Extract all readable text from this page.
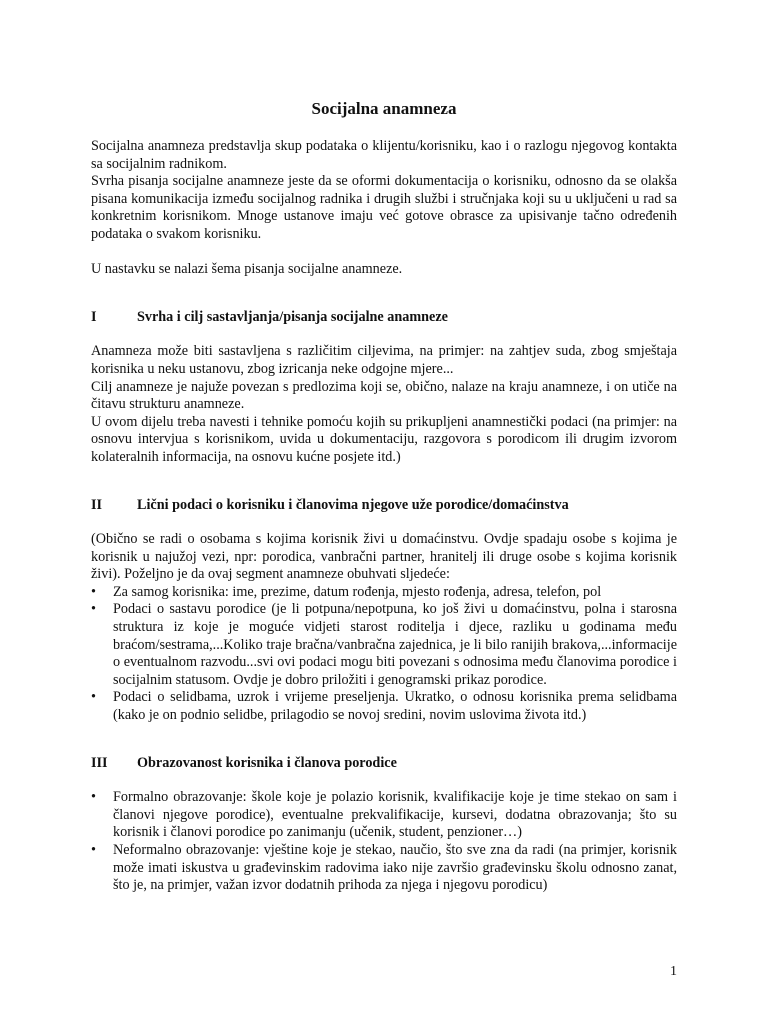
Socijalna anamneza

Socijalna anamneza predstavlja skup podataka o klijentu/korisniku, kao i o razlogu njegovog kontakta sa socijalnim radnikom.

Svrha pisanja socijalne anamneze jeste da se oformi dokumentacija o korisniku, odnosno da se olakša pisana komunikacija između socijalnog radnika i drugih službi i stručnjaka koji su u uključeni u rad sa konkretnim korisnikom. Mnoge ustanove imaju već gotove obrasce za upisivanje tačno određenih podataka o svakom korisniku.

U nastavku se nalazi šema pisanja socijalne anamneze.

I	Svrha i cilj sastavljanja/pisanja socijalne anamneze

Anamneza može biti sastavljena s različitim ciljevima, na primjer: na zahtjev suda, zbog smještaja korisnika u neku ustanovu, zbog izricanja neke odgojne mjere...

Cilj anamneze je najuže povezan s predlozima koji se, obično, nalaze na kraju anamneze, i on utiče na čitavu strukturu anamneze.

U ovom dijelu treba navesti i tehnike pomoću kojih su prikupljeni anamnestički podaci (na primjer: na osnovu intervjua s korisnikom, uvida u dokumentaciju, razgovora s porodicom ili drugim izvorom kolateralnih informacija, na osnovu kućne posjete itd.)

II	Lični podaci o korisniku i članovima njegove uže porodice/domaćinstva

(Obično se radi o osobama s kojima korisnik živi u domaćinstvu. Ovdje spadaju osobe s kojima je korisnik u najužoj vezi, npr: porodica, vanbračni partner, hranitelj ili druge osobe s kojima korisnik živi). Poželjno je da ovaj segment anamneze obuhvati sljedeće:

• Za samog korisnika: ime, prezime, datum rođenja, mjesto rođenja, adresa, telefon, pol
• Podaci o sastavu porodice (je li potpuna/nepotpuna, ko još živi u domaćinstvu, polna i starosna struktura iz koje je moguće vidjeti starost roditelja i djece, razliku u godinama među braćom/sestrama,...Koliko traje bračna/vanbračna zajednica, je li bilo ranijih brakova,...informacije o eventualnom razvodu...svi ovi podaci mogu biti povezani s odnosima među članovima porodice i socijalnim statusom. Ovdje je dobro priložiti i genogramski prikaz porodice.
• Podaci o selidbama, uzrok i vrijeme preseljenja. Ukratko, o odnosu korisnika prema selidbama (kako je on podnio selidbe, prilagodio se novoj sredini, novim uslovima života itd.)
III	Obrazovanost korisnika i članova porodice
• Formalno obrazovanje: škole koje je polazio korisnik, kvalifikacije koje je time stekao on sam i članovi njegove porodice), eventualne prekvalifikacije, kursevi, dodatna obrazovanja; što su korisnik i članovi porodice po zanimanju (učenik, student, penzioner…)
• Neformalno obrazovanje: vještine koje je stekao, naučio, što sve zna da radi (na primjer, korisnik može imati iskustva u građevinskim radovima iako nije završio građevinsku školu odnosno zanat, što je, na primjer, važan izvor dodatnih prihoda za njega i njegovu porodicu)
1
